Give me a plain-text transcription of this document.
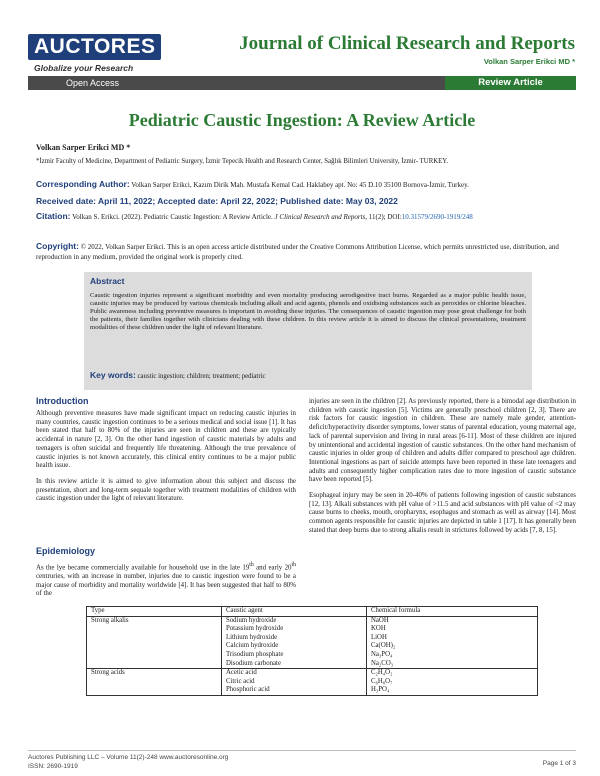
AUCTORES
Globalize your Research
Journal of Clinical Research and Reports
Volkan Sarper Erikci MD *
Open Access	Review Article
Pediatric Caustic Ingestion: A Review Article
Volkan Sarper Erikci MD *
*İzmir Faculty of Medicine, Department of Pediatric Surgery, İzmir Tepecik Health and Research Center, Sağlık Bilimleri University, İzmir- TURKEY.
Corresponding Author: Volkan Sarper Erikci, Kazım Dirik Mah. Mustafa Kemal Cad. Haklabey apt. No: 45 D.10 35100 Bornova-İzmir, Turkey.
Received date: April 11, 2022; Accepted date: April 22, 2022; Published date: May 03, 2022
Citation: Volkan S. Erikci. (2022). Pediatric Caustic Ingestion: A Review Article. J Clinical Research and Reports, 11(2); DOI:10.31579/2690-1919/248
Copyright: © 2022, Volkan Sarper Erikci. This is an open access article distributed under the Creative Commons Attribution License, which permits unrestricted use, distribution, and reproduction in any medium, provided the original work is properly cited.
Abstract
Caustic ingestion injuries represent a significant morbidity and even mortality producing aerodigestive tract burns. Regarded as a major public health issue, caustic injuries may be produced by various chemicals including alkali and acid agents, phenols and oxidising substances such as peroxides or chlorine bleaches. Public awareness including preventive measures is important in avoiding these injuries. The consequences of caustic ingestion may pose great challenge for both the patients, their families together with clinicians dealing with these children. In this review article it is aimed to discuss the clinical presentations, treatment modalities of these children under the light of relevant literature.
Key words: caustic ingestion; children; treatment; pediatric
Introduction

Although preventive measures have made significant impact on reducing caustic injuries in many countries, caustic ingestion continues to be a serious medical and social issue [1]. It has been stated that half to 80% of the injuries are seen in children and these are typically accidental in nature [2, 3]. On the other hand ingestion of caustic materials by adults and teenagers is often suicidal and frequently life threatening. Although the true prevalence of caustic injuries is not known accurately, this clinical entity continues to be a major public health issue.

In this review article it is aimed to give information about this subject and discuss the presentation, short and long-term sequale together with treatment modalities of children with caustic ingestion under the light of relevant literature.

Epidemiology
As the lye became commercially available for household use in the late 19th and early 20th centruries, with an increase in number, injuries due to caustic ingestion were found to be a major cause of morbidity and mortality worldwide [4]. It has been suggested that half to 80% of the

injuries are seen in the children [2]. As previously reported, there is a bimodal age distribution in children with caustic ingestion [5]. Victims are generally preschool children [2, 3]. There are risk factors for caustic ingestion in children. These are namely male gender, attention-deficit/hyperactivity disorder symptoms, lower status of parental education, young maternal age, lack of parental supervision and living in rural areas [6-11]. Most of these children are injured by unintentional and accidental ingestion of caustic substances. On the other hand mechanism of caustic injuries in older group of children and adults differ compared to preschool age children. Intentional ingestions as part of suicide attempts have been reported in these late teenagers and adults and consequently higher complication rates due to more ingestion of caustic substance have been reported [5].

Esophageal injury may be seen in 20-40% of patients following ingestion of caustic substances [12, 13]. Alkali substances with pH value of >11.5 and acid substances with pH value of <2 may cause burns to cheeks, mouth, oropharynx, esophagus and stomach as well as airway [14]. Most common agents responsible for caustic injuries are depicted in table 1 [17]. It has generally been stated that deep burns due to strong alkalis result in strictures followed by acids [7, 8, 15].

Type	Caustic agent	Chemical formula
Strong alkalis	Sodium hydroxide	NaOH
	Potassium hydroxide	KOH
	Lithium hydroxide	LiOH
	Calcium hydroxide	Ca(OH)₂
	Trisodium phosphate	Na₃PO₄
	Disodium carbonate	Na₂CO₃
Strong acids	Acetic acid	C₂H₄O₂
	Citric acid	C₆H₈O₇
	Phosphoric acid	H₃PO₄
Auctores Publishing LLC – Volume 11(2)-248 www.auctoresonline.org
ISSN: 2690-1919	Page 1 of 3
